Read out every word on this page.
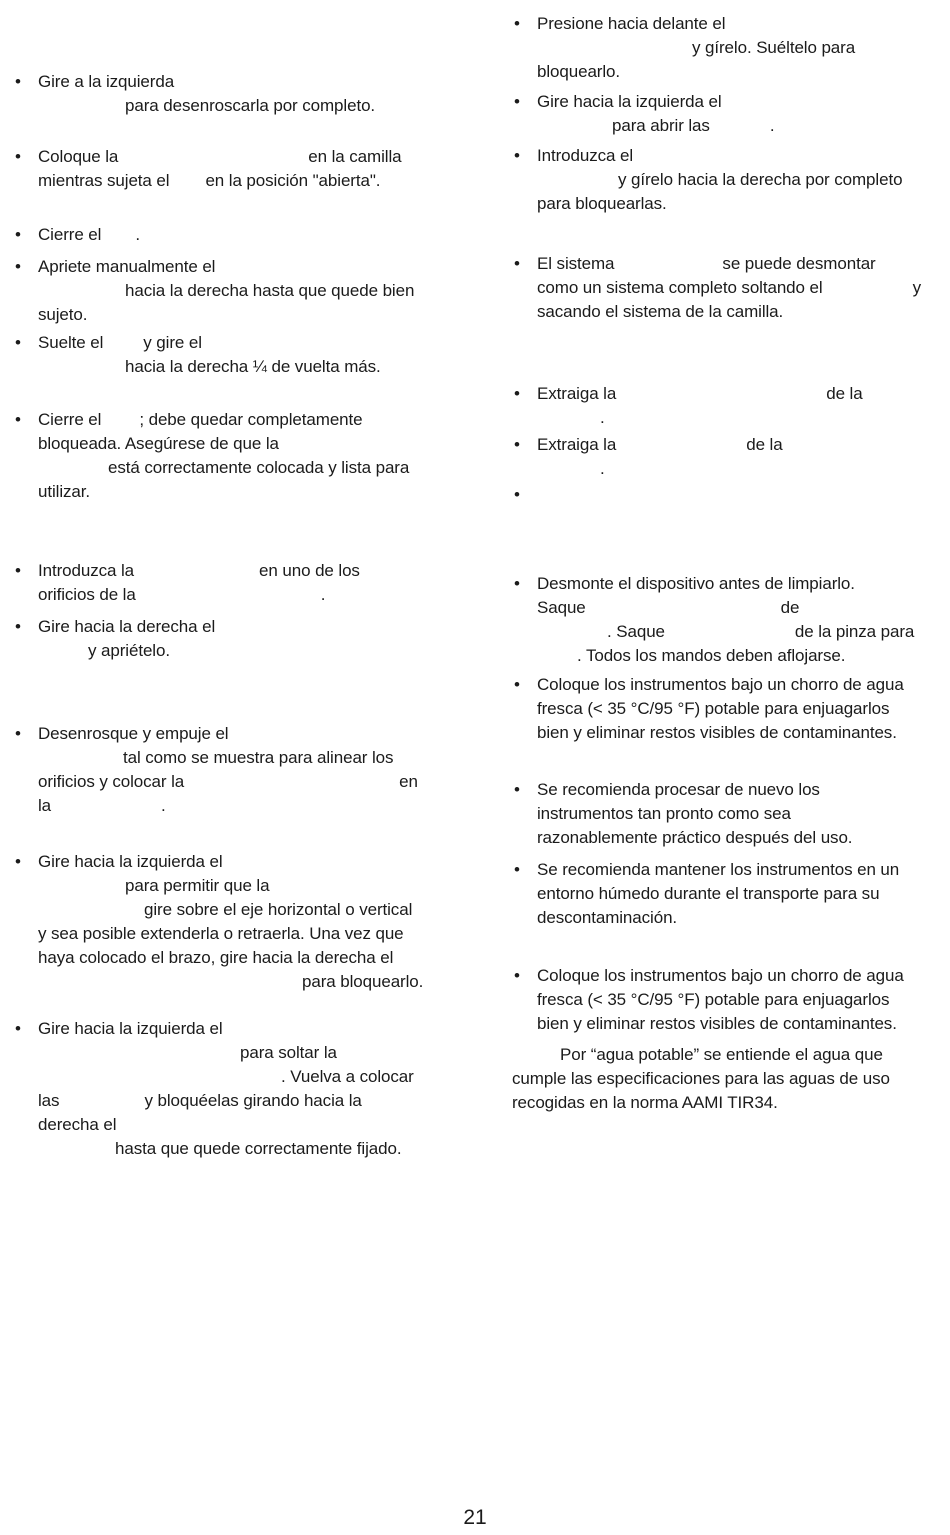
•	Gire a la izquierda
para desenroscarla por completo.
•	Coloque la	en la camilla
mientras sujeta el en la posición "abierta".
•	Cierre el .
•	Apriete manualmente el
hacia la derecha hasta que quede bien
sujeto.
•	Suelte el y gire el
hacia la derecha ¼ de vuelta más.
•	Cierre el ; debe quedar completamente
bloqueada. Asegúrese de que la
está correctamente colocada y lista para
utilizar.
•	Introduzca la	en uno de los
orificios de la	.
•	Gire hacia la derecha el
y apriételo.
•	Desenrosque y empuje el
tal como se muestra para alinear los
orificios y colocar la	en
la	.
•	Gire hacia la izquierda el
para permitir que la
gire sobre el eje horizontal o vertical
y sea posible extenderla o retraerla. Una vez que
haya colocado el brazo, gire hacia la derecha el
para bloquearlo.
•	Gire hacia la izquierda el
para soltar la
. Vuelva a colocar
las	y bloquéelas girando hacia la
derecha el
hasta que quede correctamente fijado.
•	Presione hacia delante el
y gírelo. Suéltelo para
bloquearlo.
•	Gire hacia la izquierda el
para abrir las	.
•	Introduzca el
y gírelo hacia la derecha por completo
para bloquearlas.
•	El sistema	se puede desmontar
como un sistema completo soltando el	y
sacando el sistema de la camilla.
•	Extraiga la	de la
.
•	Extraiga la	de la
.
•
•	Desmonte el dispositivo antes de limpiarlo.
Saque	de
. Saque	de la pinza para
. Todos los mandos deben aflojarse.
•	Coloque los instrumentos bajo un chorro de agua
fresca (< 35 °C/95 °F) potable para enjuagarlos
bien y eliminar restos visibles de contaminantes.
•	Se recomienda procesar de nuevo los
instrumentos tan pronto como sea
razonablemente práctico después del uso.
•	Se recomienda mantener los instrumentos en un
entorno húmedo durante el transporte para su
descontaminación.
•	Coloque los instrumentos bajo un chorro de agua
fresca (< 35 °C/95 °F) potable para enjuagarlos
bien y eliminar restos visibles de contaminantes.
Por “agua potable” se entiende el agua que
cumple las especificaciones para las aguas de uso
recogidas en la norma AAMI TIR34.
21
